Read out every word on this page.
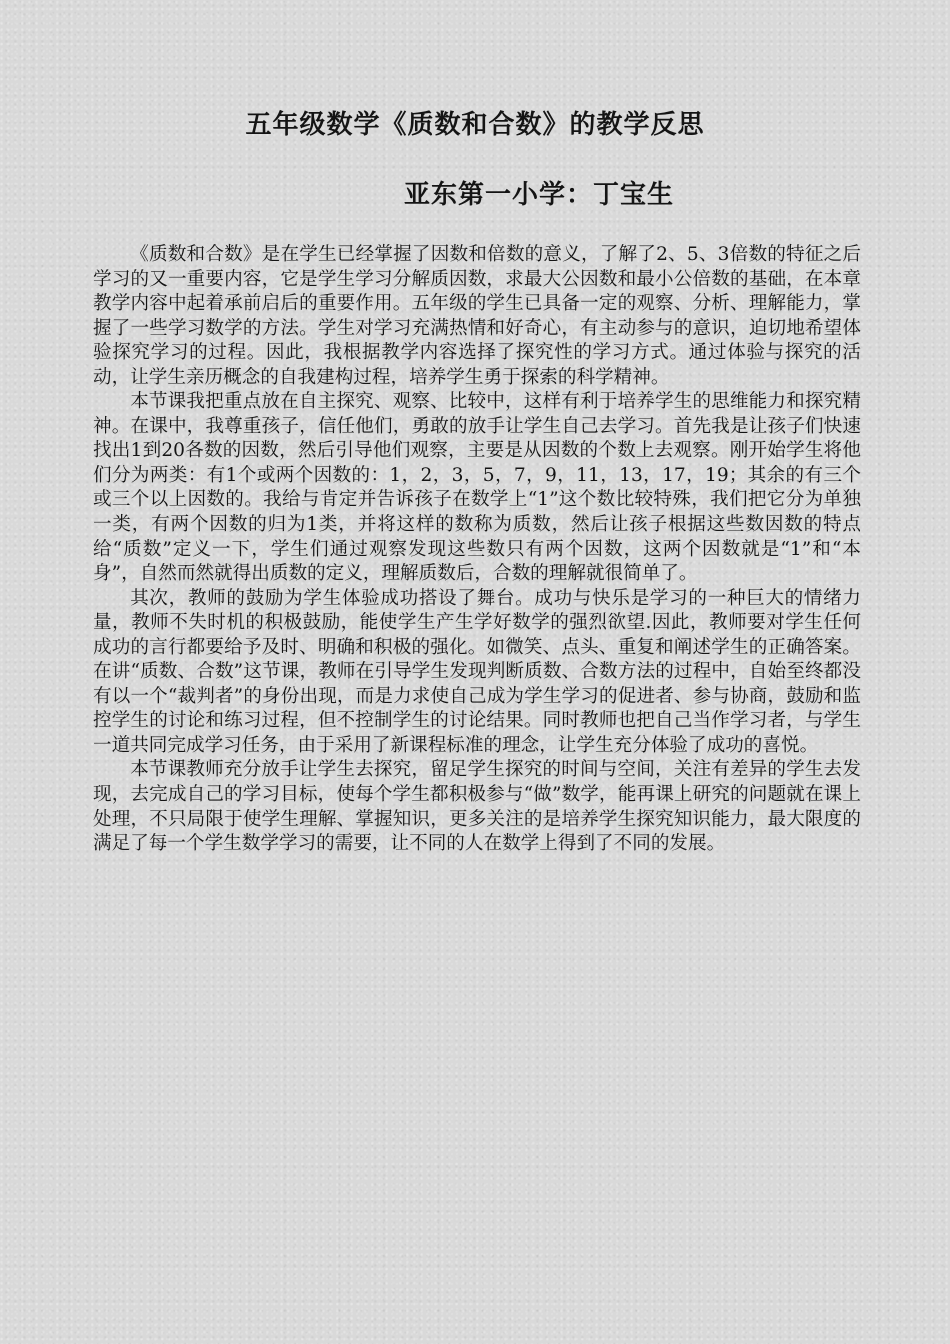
五年级数学《质数和合数》的教学反思
亚东第一小学：丁宝生

《质数和合数》是在学生已经掌握了因数和倍数的意义，了解了2、5、3倍数的特征之后学习的又一重要内容，它是学生学习分解质因数，求最大公因数和最小公倍数的基础，在本章教学内容中起着承前启后的重要作用。五年级的学生已具备一定的观察、分析、理解能力，掌握了一些学习数学的方法。学生对学习充满热情和好奇心，有主动参与的意识，迫切地希望体验探究学习的过程。因此，我根据教学内容选择了探究性的学习方式。通过体验与探究的活动，让学生亲历概念的自我建构过程，培养学生勇于探索的科学精神。

本节课我把重点放在自主探究、观察、比较中，这样有利于培养学生的思维能力和探究精神。在课中，我尊重孩子，信任他们，勇敢的放手让学生自己去学习。首先我是让孩子们快速找出1到20各数的因数，然后引导他们观察，主要是从因数的个数上去观察。刚开始学生将他们分为两类：有1个或两个因数的：1，2，3，5，7，9，11，13，17，19；其余的有三个或三个以上因数的。我给与肯定并告诉孩子在数学上“1”这个数比较特殊，我们把它分为单独一类，有两个因数的归为1类，并将这样的数称为质数，然后让孩子根据这些数因数的特点给“质数”定义一下，学生们通过观察发现这些数只有两个因数，这两个因数就是“1”和“本身”，自然而然就得出质数的定义，理解质数后，合数的理解就很简单了。

其次，教师的鼓励为学生体验成功搭设了舞台。成功与快乐是学习的一种巨大的情绪力量，教师不失时机的积极鼓励，能使学生产生学好数学的强烈欲望.因此，教师要对学生任何成功的言行都要给予及时、明确和积极的强化。如微笑、点头、重复和阐述学生的正确答案。在讲“质数、合数”这节课，教师在引导学生发现判断质数、合数方法的过程中，自始至终都没有以一个“裁判者”的身份出现，而是力求使自己成为学生学习的促进者、参与协商，鼓励和监控学生的讨论和练习过程，但不控制学生的讨论结果。同时教师也把自己当作学习者，与学生一道共同完成学习任务，由于采用了新课程标准的理念，让学生充分体验了成功的喜悦。

本节课教师充分放手让学生去探究，留足学生探究的时间与空间，关注有差异的学生去发现，去完成自己的学习目标，使每个学生都积极参与“做”数学，能再课上研究的问题就在课上处理，不只局限于使学生理解、掌握知识，更多关注的是培养学生探究知识能力，最大限度的满足了每一个学生数学学习的需要，让不同的人在数学上得到了不同的发展。
